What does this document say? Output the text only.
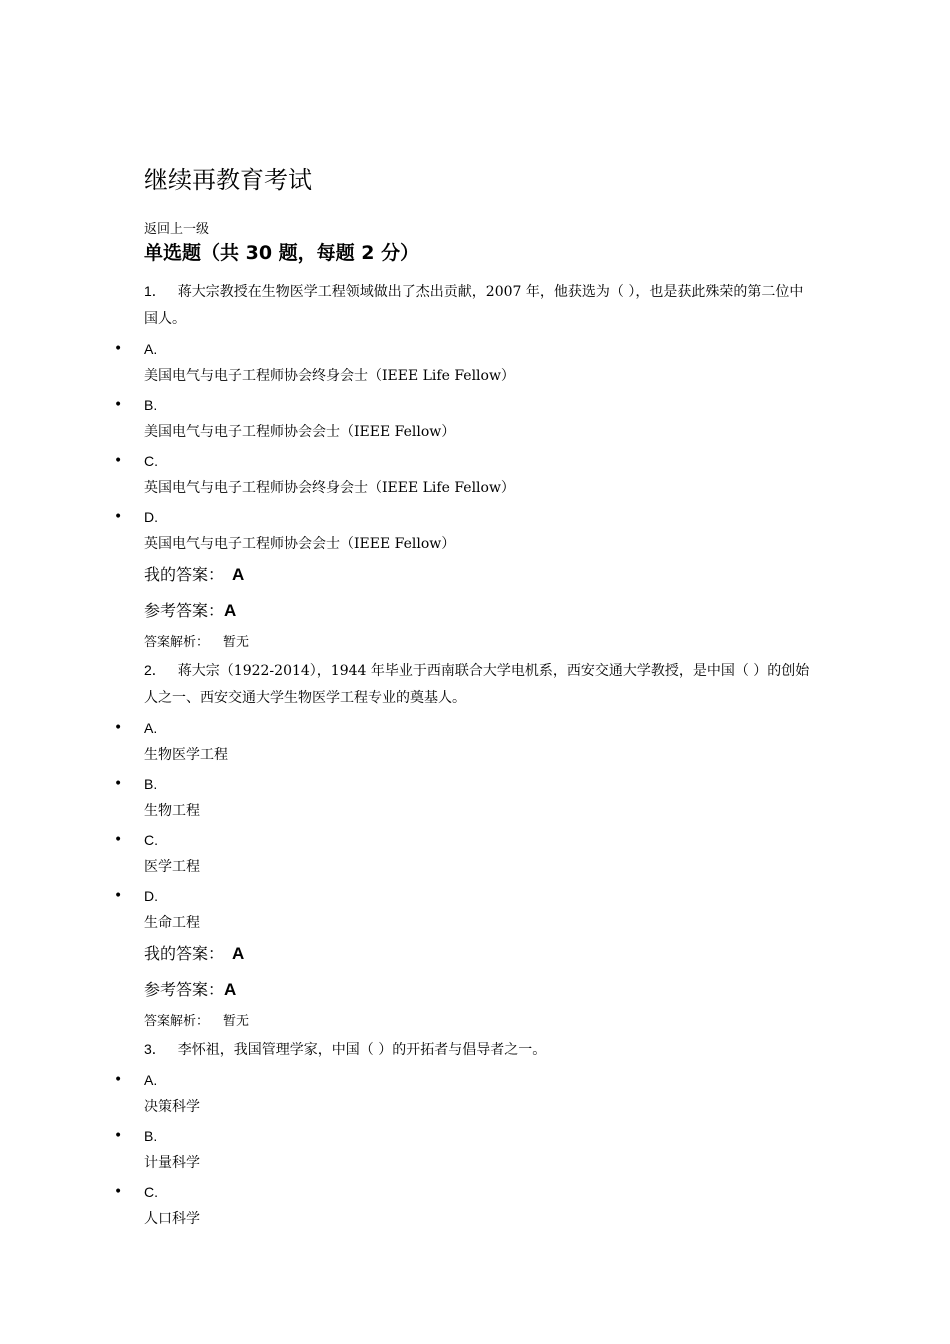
继续再教育考试
返回上一级
单选题（共 30 题，每题 2 分）
1． 蒋大宗教授在生物医学工程领域做出了杰出贡献，2007 年，他获选为（ ），也是获此殊荣的第二位中国人。
• A.
美国电气与电子工程师协会终身会士（IEEE Life Fellow）
• B.
美国电气与电子工程师协会会士（IEEE Fellow）
• C.
英国电气与电子工程师协会终身会士（IEEE Life Fellow）
• D.
英国电气与电子工程师协会会士（IEEE Fellow）
我的答案： A
参考答案：A
答案解析： 暂无
2． 蒋大宗（1922-2014），1944 年毕业于西南联合大学电机系，西安交通大学教授，是中国（ ）的创始人之一、西安交通大学生物医学工程专业的奠基人。
• A.
生物医学工程
• B.
生物工程
• C.
医学工程
• D.
生命工程
我的答案： A
参考答案：A
答案解析： 暂无
3． 李怀祖，我国管理学家，中国（ ）的开拓者与倡导者之一。
• A.
决策科学
• B.
计量科学
• C.
人口科学
